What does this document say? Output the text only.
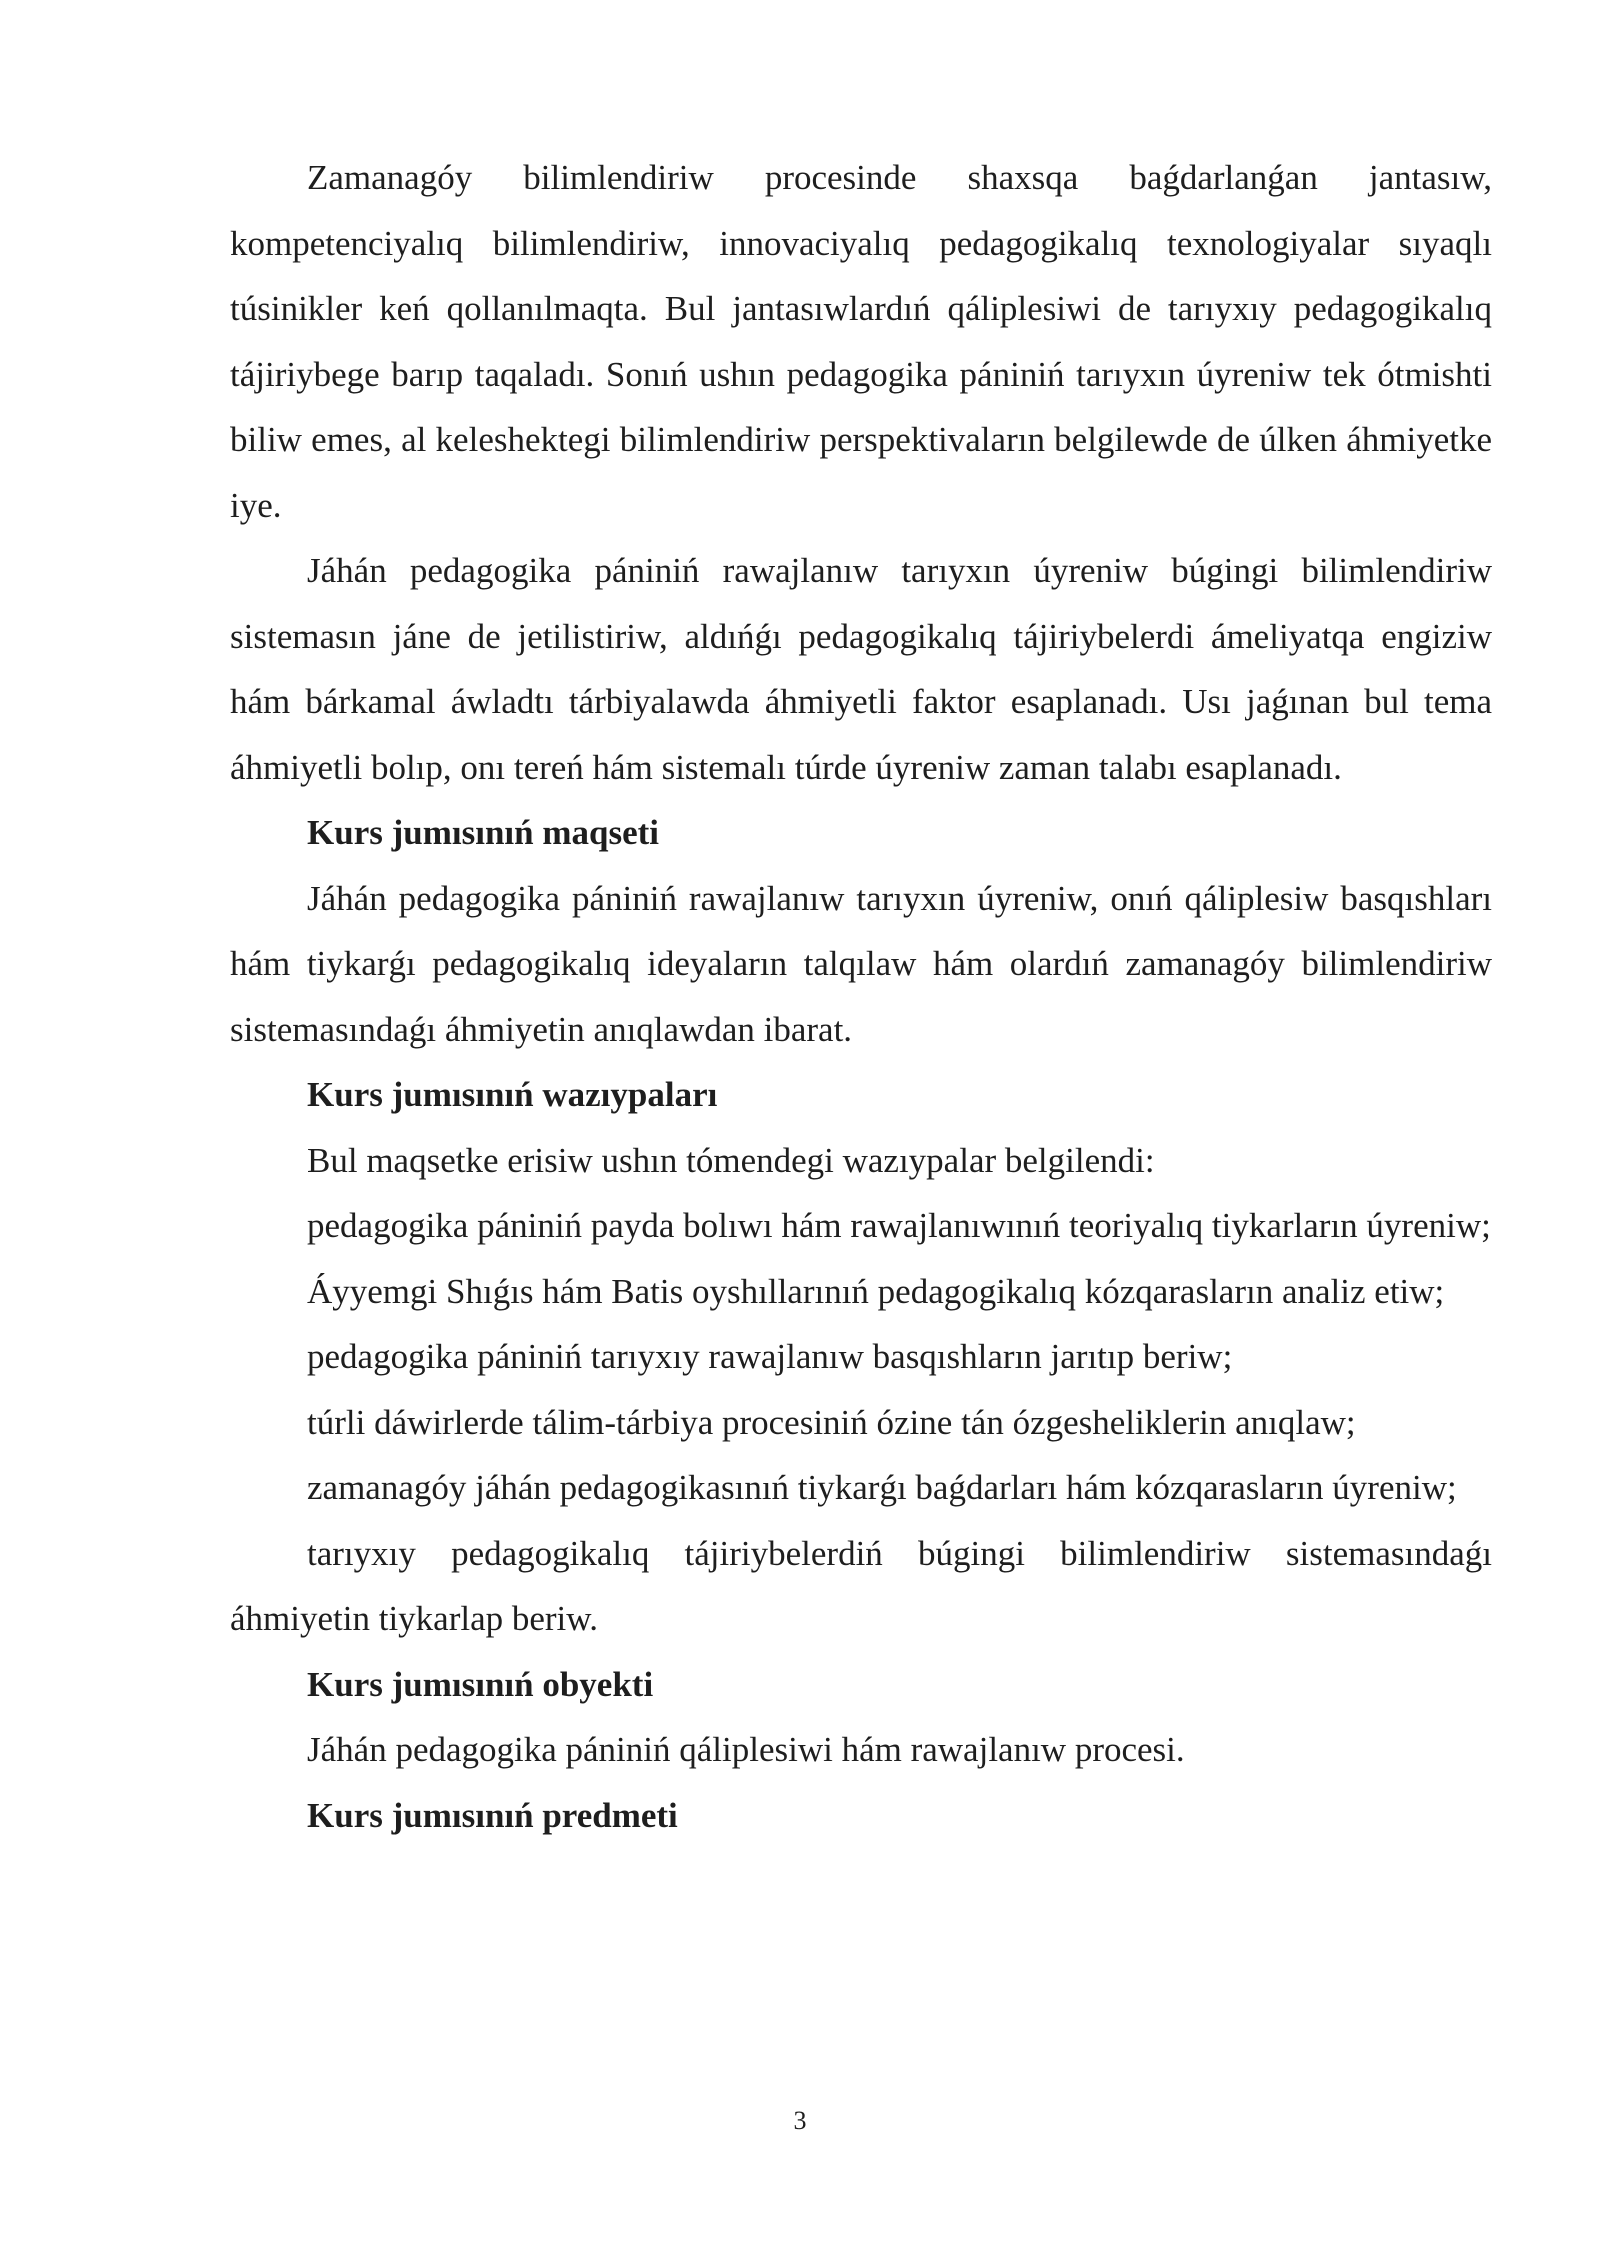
Zamanagóy bilimlendiriw procesinde shaxsqa baǵdarlanǵan jantasıw, kompetenciyalıq bilimlendiriw, innovaciyalıq pedagogikalıq texnologiyalar sıyaqlı túsinikler keń qollanılmaqta. Bul jantasıwlardıń qáliplesiwi de tarıyxıy pedagogikalıq tájiriybege barıp taqaladı. Sonıń ushın pedagogika pániniń tarıyxın úyreniw tek ótmishti biliw emes, al keleshektegi bilimlendiriw perspektivaların belgilewde de úlken áhmiyetke iye.

Jáhán pedagogika pániniń rawajlanıw tarıyxın úyreniw búgingi bilimlendiriw sistemasın jáne de jetilistiriw, aldıńǵı pedagogikalıq tájiriybelerdi ámeliyatqa engiziw hám bárkamal áwladtı tárbiyalawda áhmiyetli faktor esaplanadı. Usı jaǵınan bul tema áhmiyetli bolıp, onı tereń hám sistemalı túrde úyreniw zaman talabı esaplanadı.

Kurs jumısınıń maqseti

Jáhán pedagogika pániniń rawajlanıw tarıyxın úyreniw, onıń qáliplesiw basqıshları hám tiykarǵı pedagogikalıq ideyaların talqılaw hám olardıń zamanagóy bilimlendiriw sistemasındaǵı áhmiyetin anıqlawdan ibarat.

Kurs jumısınıń wazıypaları

Bul maqsetke erisiw ushın tómendegi wazıypalar belgilendi:

pedagogika pániniń payda bolıwı hám rawajlanıwınıń teoriyalıq tiykarların úyreniw;

Áyyemgi Shıǵıs hám Batis oyshıllarınıń pedagogikalıq kózqarasların analiz etiw;

pedagogika pániniń tarıyxıy rawajlanıw basqıshların jarıtıp beriw;

túrli dáwirlerde tálim-tárbiya procesiniń ózine tán ózgesheliklerin anıqlaw;

zamanagóy jáhán pedagogikasınıń tiykarǵı baǵdarları hám kózqarasların úyreniw;

tarıyxıy pedagogikalıq tájiriybelerdiń búgingi bilimlendiriw sistemasındaǵı áhmiyetin tiykarlap beriw.

Kurs jumısınıń obyekti

Jáhán pedagogika pániniń qáliplesiwi hám rawajlanıw procesi.

Kurs jumısınıń predmeti

3
